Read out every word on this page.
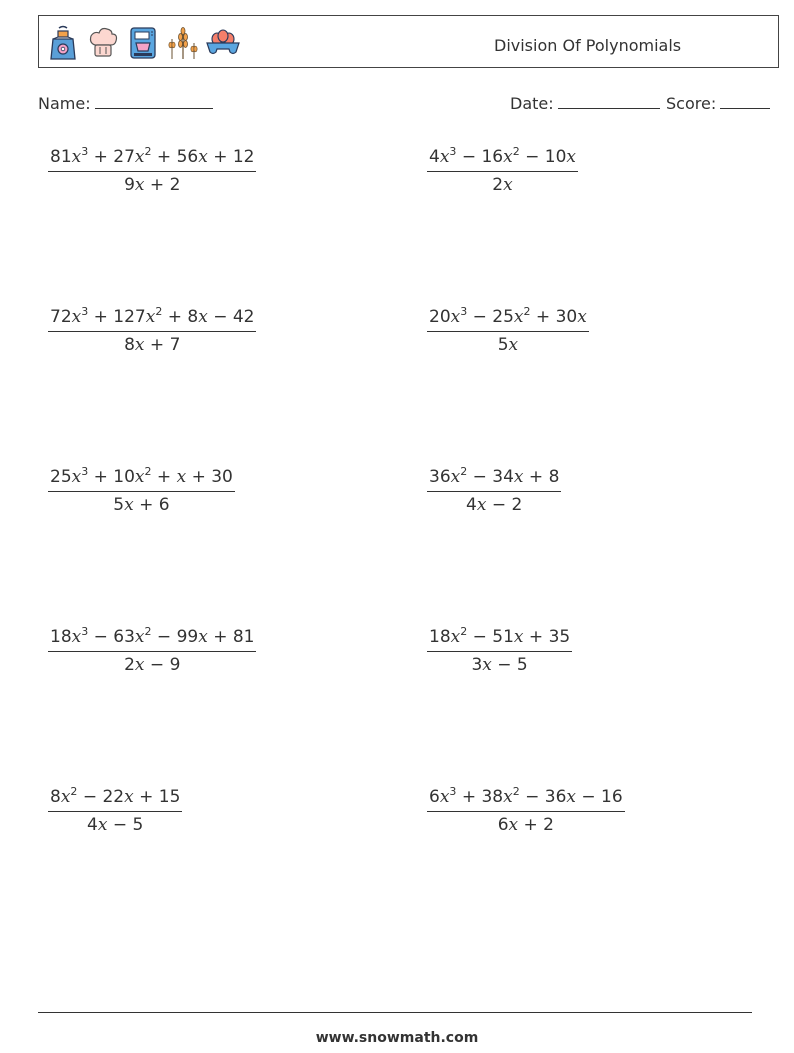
Division Of Polynomials
Name:	Date:	Score:
$\frac{81x^3 + 27x^2 + 56x + 12}{9x + 2}$	$\frac{4x^3 - 16x^2 - 10x}{2x}$
$\frac{72x^3 + 127x^2 + 8x - 42}{8x + 7}$	$\frac{20x^3 - 25x^2 + 30x}{5x}$
$\frac{25x^3 + 10x^2 + x + 30}{5x + 6}$	$\frac{36x^2 - 34x + 8}{4x - 2}$
$\frac{18x^3 - 63x^2 - 99x + 81}{2x - 9}$	$\frac{18x^2 - 51x + 35}{3x - 5}$
$\frac{8x^2 - 22x + 15}{4x - 5}$	$\frac{6x^3 + 38x^2 - 36x - 16}{6x + 2}$
www.snowmath.com
